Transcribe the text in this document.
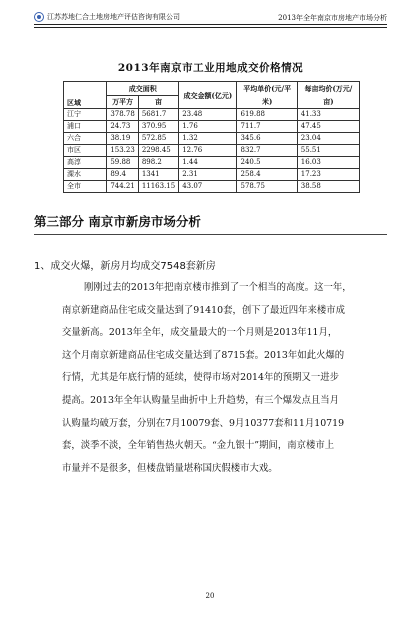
江苏苏地仁合土地房地产评估咨询有限公司	2013年全年南京市房地产市场分析
2013年南京市工业用地成交价格情况
区域	成交面积		成交金额(亿元)	平均单价(元/平米)	每亩均价(万元/亩)
	万平方	亩			
江宁	378.78	5681.7	23.48	619.88	41.33
浦口	24.73	370.95	1.76	711.7	47.45
六合	38.19	572.85	1.32	345.6	23.04
市区	153.23	2298.45	12.76	832.7	55.51
高淳	59.88	898.2	1.44	240.5	16.03
溧水	89.4	1341	2.31	258.4	17.23
全市	744.21	11163.15	43.07	578.75	38.58
第三部分 南京市新房市场分析
1、成交火爆，新房月均成交7548套新房
刚刚过去的2013年把南京楼市推到了一个相当的高度。这一年，
南京新建商品住宅成交量达到了91410套，创下了最近四年来楼市成
交量新高。2013年全年，成交量最大的一个月则是2013年11月，
这个月南京新建商品住宅成交量达到了8715套。2013年如此火爆的
行情，尤其是年底行情的延续，使得市场对2014年的预期又一进步
提高。2013年全年认购量呈曲折中上升趋势，有三个爆发点且当月
认购量均破万套，分别在7月10079套、9月10377套和11月10719
套，淡季不淡，全年销售热火朝天。“金九银十”期间，南京楼市上
市量并不是很多，但楼盘销量堪称国庆假楼市大戏。
20
